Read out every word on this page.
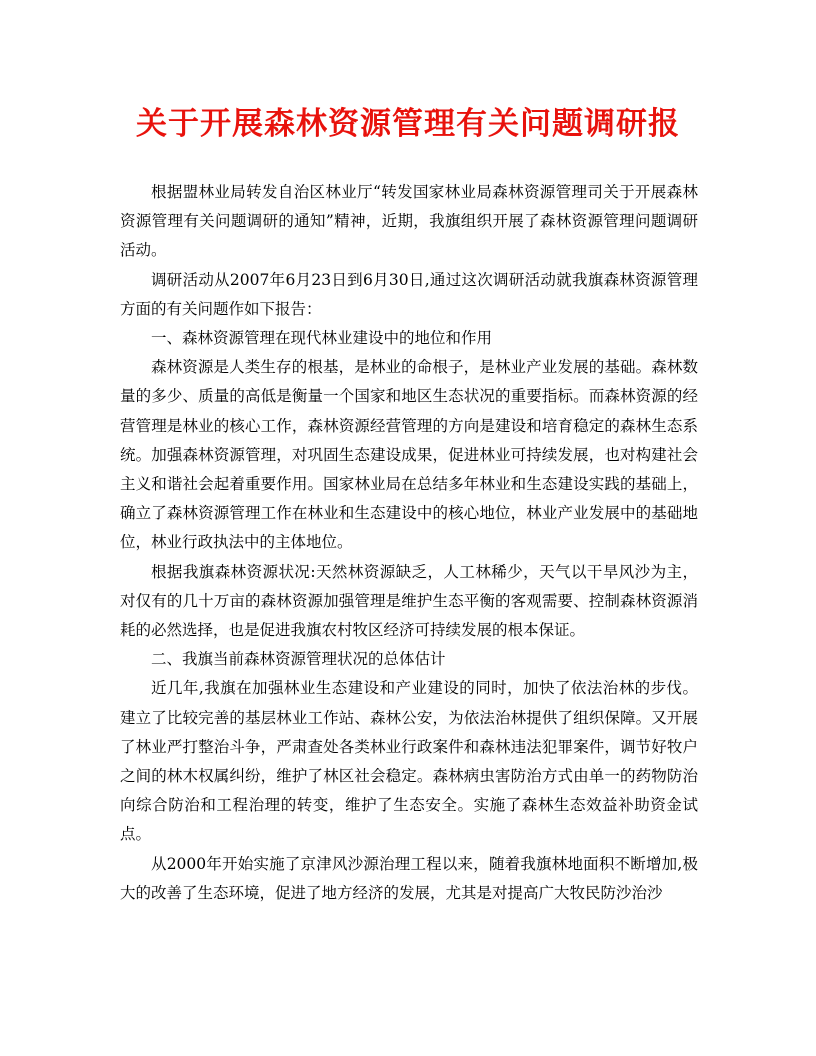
关于开展森林资源管理有关问题调研报

根据盟林业局转发自治区林业厅“转发国家林业局森林资源管理司关于开展森林资源管理有关问题调研的通知”精神，近期，我旗组织开展了森林资源管理问题调研活动。

调研活动从2007年6月23日到6月30日,通过这次调研活动就我旗森林资源管理方面的有关问题作如下报告：

一、森林资源管理在现代林业建设中的地位和作用

森林资源是人类生存的根基，是林业的命根子，是林业产业发展的基础。森林数量的多少、质量的高低是衡量一个国家和地区生态状况的重要指标。而森林资源的经营管理是林业的核心工作，森林资源经营管理的方向是建设和培育稳定的森林生态系统。加强森林资源管理，对巩固生态建设成果，促进林业可持续发展，也对构建社会主义和谐社会起着重要作用。国家林业局在总结多年林业和生态建设实践的基础上，确立了森林资源管理工作在林业和生态建设中的核心地位，林业产业发展中的基础地位，林业行政执法中的主体地位。

根据我旗森林资源状况:天然林资源缺乏，人工林稀少，天气以干旱风沙为主，对仅有的几十万亩的森林资源加强管理是维护生态平衡的客观需要、控制森林资源消耗的必然选择，也是促进我旗农村牧区经济可持续发展的根本保证。

二、我旗当前森林资源管理状况的总体估计

近几年,我旗在加强林业生态建设和产业建设的同时，加快了依法治林的步伐。建立了比较完善的基层林业工作站、森林公安，为依法治林提供了组织保障。又开展了林业严打整治斗争，严肃查处各类林业行政案件和森林违法犯罪案件，调节好牧户之间的林木权属纠纷，维护了林区社会稳定。森林病虫害防治方式由单一的药物防治向综合防治和工程治理的转变，维护了生态安全。实施了森林生态效益补助资金试点。

从2000年开始实施了京津风沙源治理工程以来，随着我旗林地面积不断增加,极大的改善了生态环境，促进了地方经济的发展，尤其是对提高广大牧民防沙治沙
